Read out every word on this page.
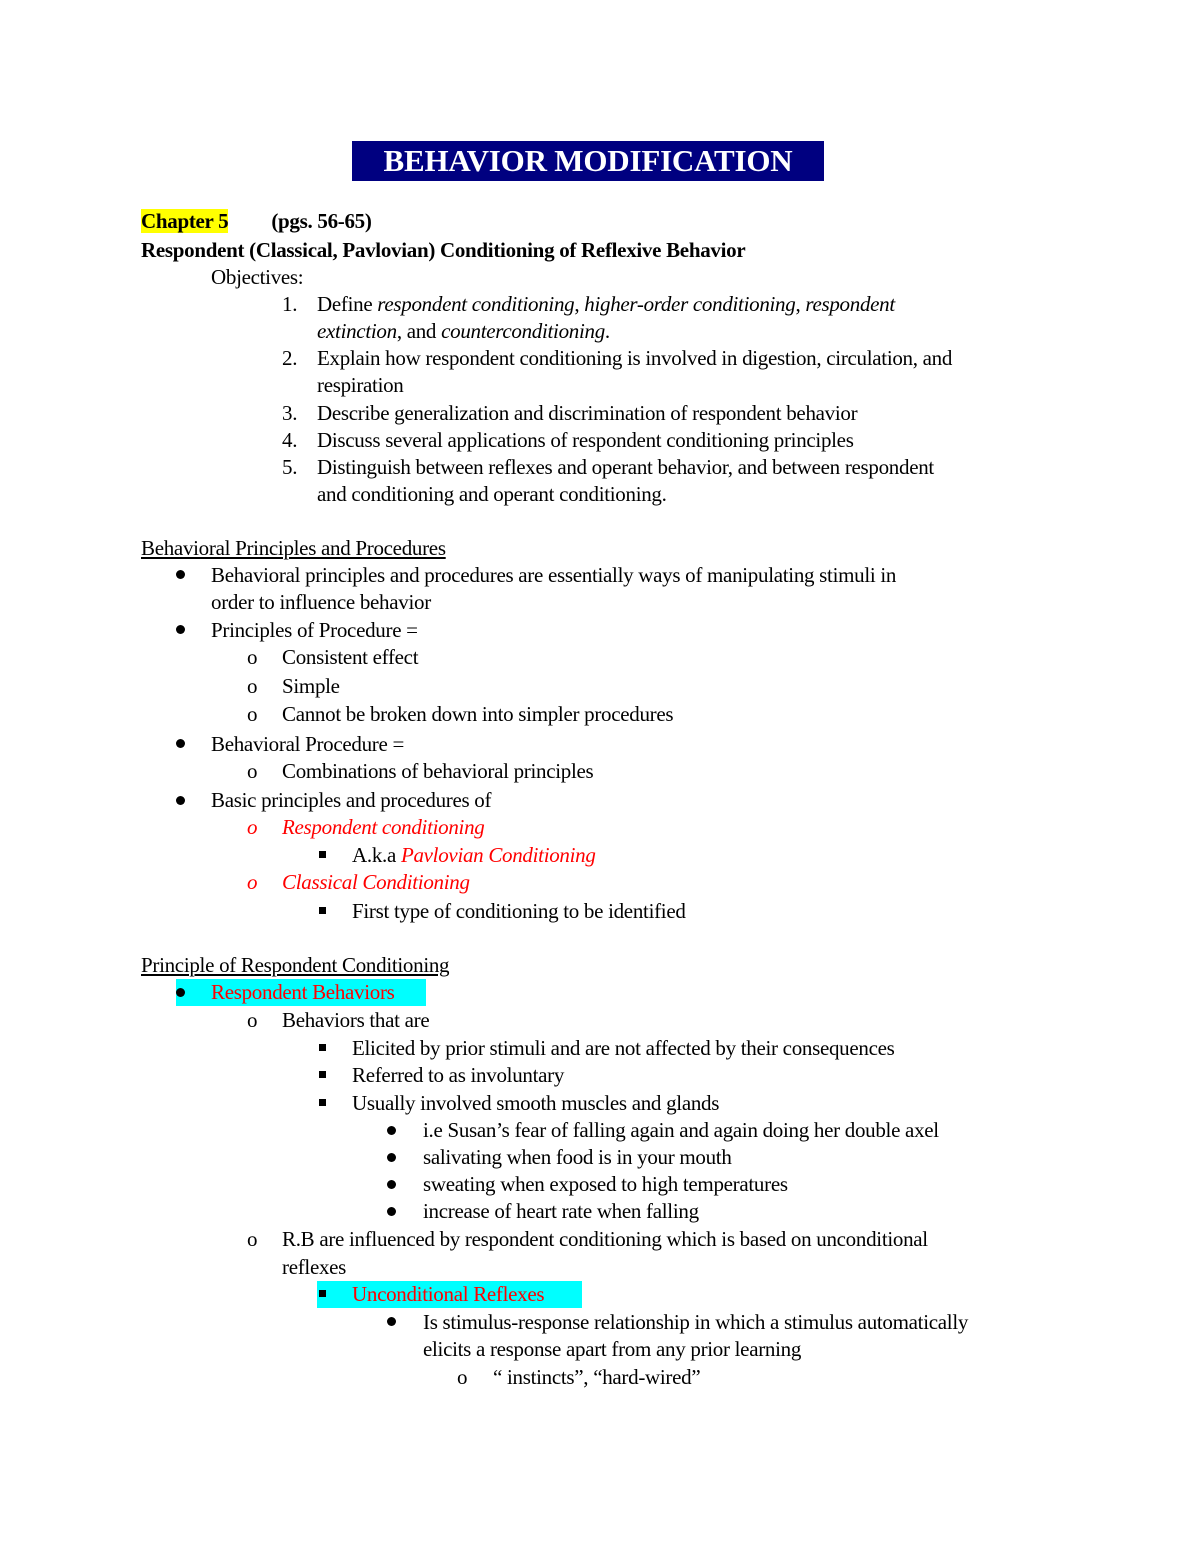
BEHAVIOR MODIFICATION
Chapter 5 (pgs. 56-65)
Respondent (Classical, Pavlovian) Conditioning of Reflexive Behavior
Objectives:
1. Define respondent conditioning, higher-order conditioning, respondent
extinction, and counterconditioning.
2. Explain how respondent conditioning is involved in digestion, circulation, and
respiration
3. Describe generalization and discrimination of respondent behavior
4. Discuss several applications of respondent conditioning principles
5. Distinguish between reflexes and operant behavior, and between respondent
and conditioning and operant conditioning.
Behavioral Principles and Procedures
Behavioral principles and procedures are essentially ways of manipulating stimuli in
order to influence behavior
Principles of Procedure =
o Consistent effect
o Simple
o Cannot be broken down into simpler procedures
Behavioral Procedure =
o Combinations of behavioral principles
Basic principles and procedures of
o Respondent conditioning
A.k.a Pavlovian Conditioning
o Classical Conditioning
First type of conditioning to be identified
Principle of Respondent Conditioning
Respondent Behaviors
o Behaviors that are
Elicited by prior stimuli and are not affected by their consequences
Referred to as involuntary
Usually involved smooth muscles and glands
i.e Susan’s fear of falling again and again doing her double axel
salivating when food is in your mouth
sweating when exposed to high temperatures
increase of heart rate when falling
o R.B are influenced by respondent conditioning which is based on unconditional
reflexes
Unconditional Reflexes
Is stimulus-response relationship in which a stimulus automatically
elicits a response apart from any prior learning
o “ instincts”, “hard-wired”
